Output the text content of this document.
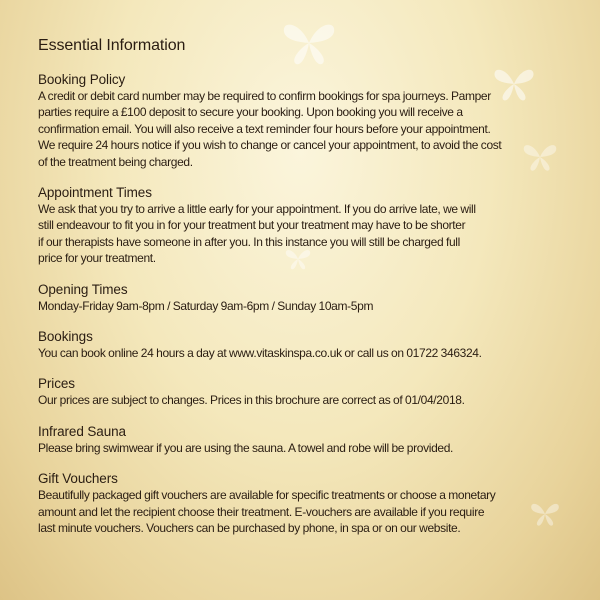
Essential Information
Booking Policy

A credit or debit card number may be required to confirm bookings for spa journeys. Pamper
parties require a £100 deposit to secure your booking. Upon booking you will receive a
confirmation email. You will also receive a text reminder four hours before your appointment.
We require 24 hours notice if you wish to change or cancel your appointment, to avoid the cost
of the treatment being charged.

Appointment Times

We ask that you try to arrive a little early for your appointment. If you do arrive late, we will
still endeavour to fit you in for your treatment but your treatment may have to be shorter
if our therapists have someone in after you. In this instance you will still be charged full
price for your treatment.

Opening Times

Monday-Friday 9am-8pm / Saturday 9am-6pm / Sunday 10am-5pm

Bookings

You can book online 24 hours a day at www.vitaskinspa.co.uk or call us on 01722 346324.

Prices

Our prices are subject to changes. Prices in this brochure are correct as of 01/04/2018.

Infrared Sauna

Please bring swimwear if you are using the sauna. A towel and robe will be provided.

Gift Vouchers

Beautifully packaged gift vouchers are available for specific treatments or choose a monetary
amount and let the recipient choose their treatment. E-vouchers are available if you require
last minute vouchers. Vouchers can be purchased by phone, in spa or on our website.
